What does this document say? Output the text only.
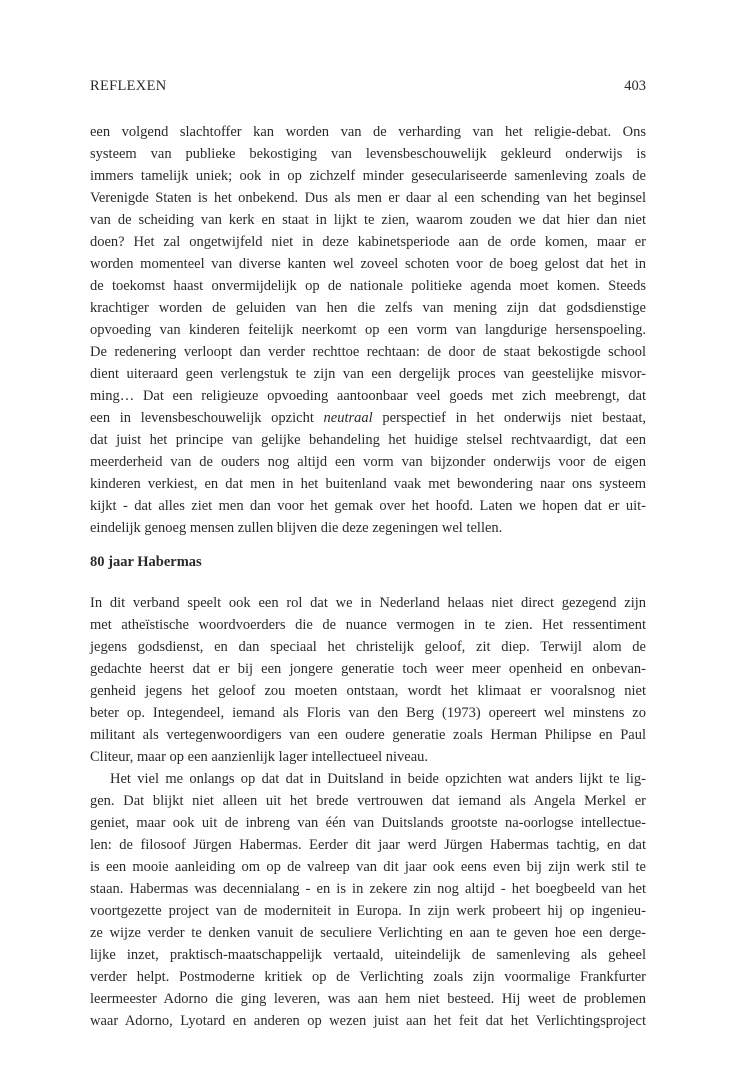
REFLEXEN	403
een volgend slachtoffer kan worden van de verharding van het religie-debat. Ons
systeem van publieke bekostiging van levensbeschouwelijk gekleurd onderwijs is
immers tamelijk uniek; ook in op zichzelf minder geseculariseerde samenleving zoals de
Verenigde Staten is het onbekend. Dus als men er daar al een schending van het beginsel
van de scheiding van kerk en staat in lijkt te zien, waarom zouden we dat hier dan niet
doen? Het zal ongetwijfeld niet in deze kabinetsperiode aan de orde komen, maar er
worden momenteel van diverse kanten wel zoveel schoten voor de boeg gelost dat het in
de toekomst haast onvermijdelijk op de nationale politieke agenda moet komen. Steeds
krachtiger worden de geluiden van hen die zelfs van mening zijn dat godsdienstige
opvoeding van kinderen feitelijk neerkomt op een vorm van langdurige hersenspoeling.
De redenering verloopt dan verder rechttoe rechtaan: de door de staat bekostigde school
dient uiteraard geen verlengstuk te zijn van een dergelijk proces van geestelijke misvor-
ming… Dat een religieuze opvoeding aantoonbaar veel goeds met zich meebrengt, dat
een in levensbeschouwelijk opzicht neutraal perspectief in het onderwijs niet bestaat,
dat juist het principe van gelijke behandeling het huidige stelsel rechtvaardigt, dat een
meerderheid van de ouders nog altijd een vorm van bijzonder onderwijs voor de eigen
kinderen verkiest, en dat men in het buitenland vaak met bewondering naar ons systeem
kijkt - dat alles ziet men dan voor het gemak over het hoofd. Laten we hopen dat er uit-
eindelijk genoeg mensen zullen blijven die deze zegeningen wel tellen.
80 jaar Habermas
In dit verband speelt ook een rol dat we in Nederland helaas niet direct gezegend zijn
met atheïstische woordvoerders die de nuance vermogen in te zien. Het ressentiment
jegens godsdienst, en dan speciaal het christelijk geloof, zit diep. Terwijl alom de
gedachte heerst dat er bij een jongere generatie toch weer meer openheid en onbevan-
genheid jegens het geloof zou moeten ontstaan, wordt het klimaat er vooralsnog niet
beter op. Integendeel, iemand als Floris van den Berg (1973) opereert wel minstens zo
militant als vertegenwoordigers van een oudere generatie zoals Herman Philipse en Paul
Cliteur, maar op een aanzienlijk lager intellectueel niveau.
Het viel me onlangs op dat dat in Duitsland in beide opzichten wat anders lijkt te lig-
gen. Dat blijkt niet alleen uit het brede vertrouwen dat iemand als Angela Merkel er
geniet, maar ook uit de inbreng van één van Duitslands grootste na-oorlogse intellectue-
len: de filosoof Jürgen Habermas. Eerder dit jaar werd Jürgen Habermas tachtig, en dat
is een mooie aanleiding om op de valreep van dit jaar ook eens even bij zijn werk stil te
staan. Habermas was decennialang - en is in zekere zin nog altijd - het boegbeeld van het
voortgezette project van de moderniteit in Europa. In zijn werk probeert hij op ingenieu-
ze wijze verder te denken vanuit de seculiere Verlichting en aan te geven hoe een derge-
lijke inzet, praktisch-maatschappelijk vertaald, uiteindelijk de samenleving als geheel
verder helpt. Postmoderne kritiek op de Verlichting zoals zijn voormalige Frankfurter
leermeester Adorno die ging leveren, was aan hem niet besteed. Hij weet de problemen
waar Adorno, Lyotard en anderen op wezen juist aan het feit dat het Verlichtingsproject
